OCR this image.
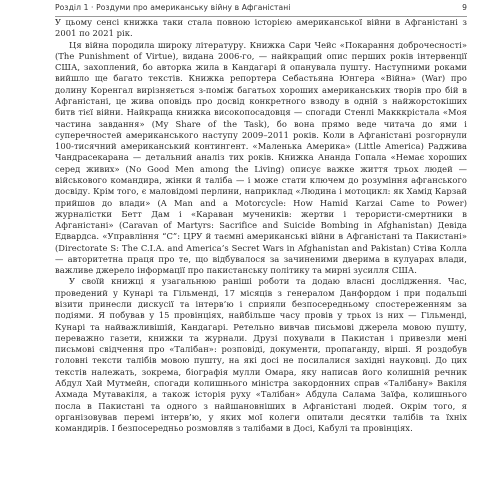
Розділ 1 · Роздуми про американську війну в Афганістані	9

У цьому сенсі книжка таки стала повною історією американської війни в Афганістані з 2001 по 2021 рік.

Ця війна породила широку літературу. Книжка Сари Чейс «Покарання доброчесності» (The Punishment of Virtue), видана 2006-го, — найкращий опис перших років інтервенції США, захоплений, бо авторка жила в Кандагарі й опанувала пушту. Наступними роками вийшло ще багато текстів. Книжка репортера Себастьяна Юнгера «Війна» (War) про долину Коренгал вирізняється з-поміж багатьох хороших американських творів про бій в Афганістані, це жива оповідь про досвід конкретного взводу в одній з найжорстокіших битв тієї війни. Найкраща книжка високопосадовця — спогади Стенлі Макккрістала «Моя частина завдання» (My Share of the Task), бо вона прямо веде читача до ями і суперечностей американського наступу 2009–2011 років. Коли в Афганістані розгорнули 100-тисячний американський контингент. «Маленька Америка» (Little America) Раджива Чандрасекарана — детальний аналіз тих років. Книжка Ананда Гопала «Немає хороших серед живих» (No Good Men among the Living) описує важке життя трьох людей — військового командира, жінки й таліба — і може стати ключем до розуміння афганського досвіду. Крім того, є маловідомі перлини, наприклад «Людина і мотоцикл: як Хамід Карзай прийшов до влади» (A Man and a Motorcycle: How Hamid Karzai Came to Power) журналістки Бетт Дам і «Караван мучеників: жертви і терористи-смертники в Афганістані» (Caravan of Martyrs: Sacrifice and Suicide Bombing in Afghanistan) Девіда Едвардса. «Управління “С”: ЦРУ й таємні американські війни в Афганістані та Пакистані» (Directorate S: The C.I.A. and America’s Secret Wars in Afghanistan and Pakistan) Стіва Колла — авторитетна праця про те, що відбувалося за зачиненими дверима в кулуарах влади, важливе джерело інформації про пакистанську політику та мирні зусилля США.

У своїй книжці я узагальнюю раніші роботи та додаю власні дослідження. Час, проведений у Кунарі та Гільменді, 17 місяців з генералом Данфордом і при подальші візити принесли дискусії та інтерв’ю і сприяли безпосередньому спостереженням за подіями. Я побував у 15 провінціях, найбільше часу провів у трьох із них — Гільменді, Кунарі та найважливішій, Кандагарі. Ретельно вивчав письмові джерела мовою пушту, переважно газети, книжки та журнали. Друзі похували в Пакистан і привезли мені письмові свідчення про «Талібан»: розповіді, документи, пропаганду, вірші. Я роздобув головні тексти талібів мовою пушту, на які досі не посилалися західні науковці. До цих текстів належать, зокрема, біографія мулли Омара, яку написав його колишній речник Абдул Хай Мутмейн, спогади колишнього міністра закордонних справ «Талібану» Вакіля Ахмада Мутавакіля, а також історія руху «Талібан» Абдула Салама Заїфа, колишнього посла в Пакистані та одного з найшановніших в Афганістані людей. Окрім того, я організовував перемі інтерв’ю, у яких мої колеги опитали десятки талібів та їхніх командирів. І безпосередньо розмовляв з талібами в Досі, Кабулі та провінціях.
